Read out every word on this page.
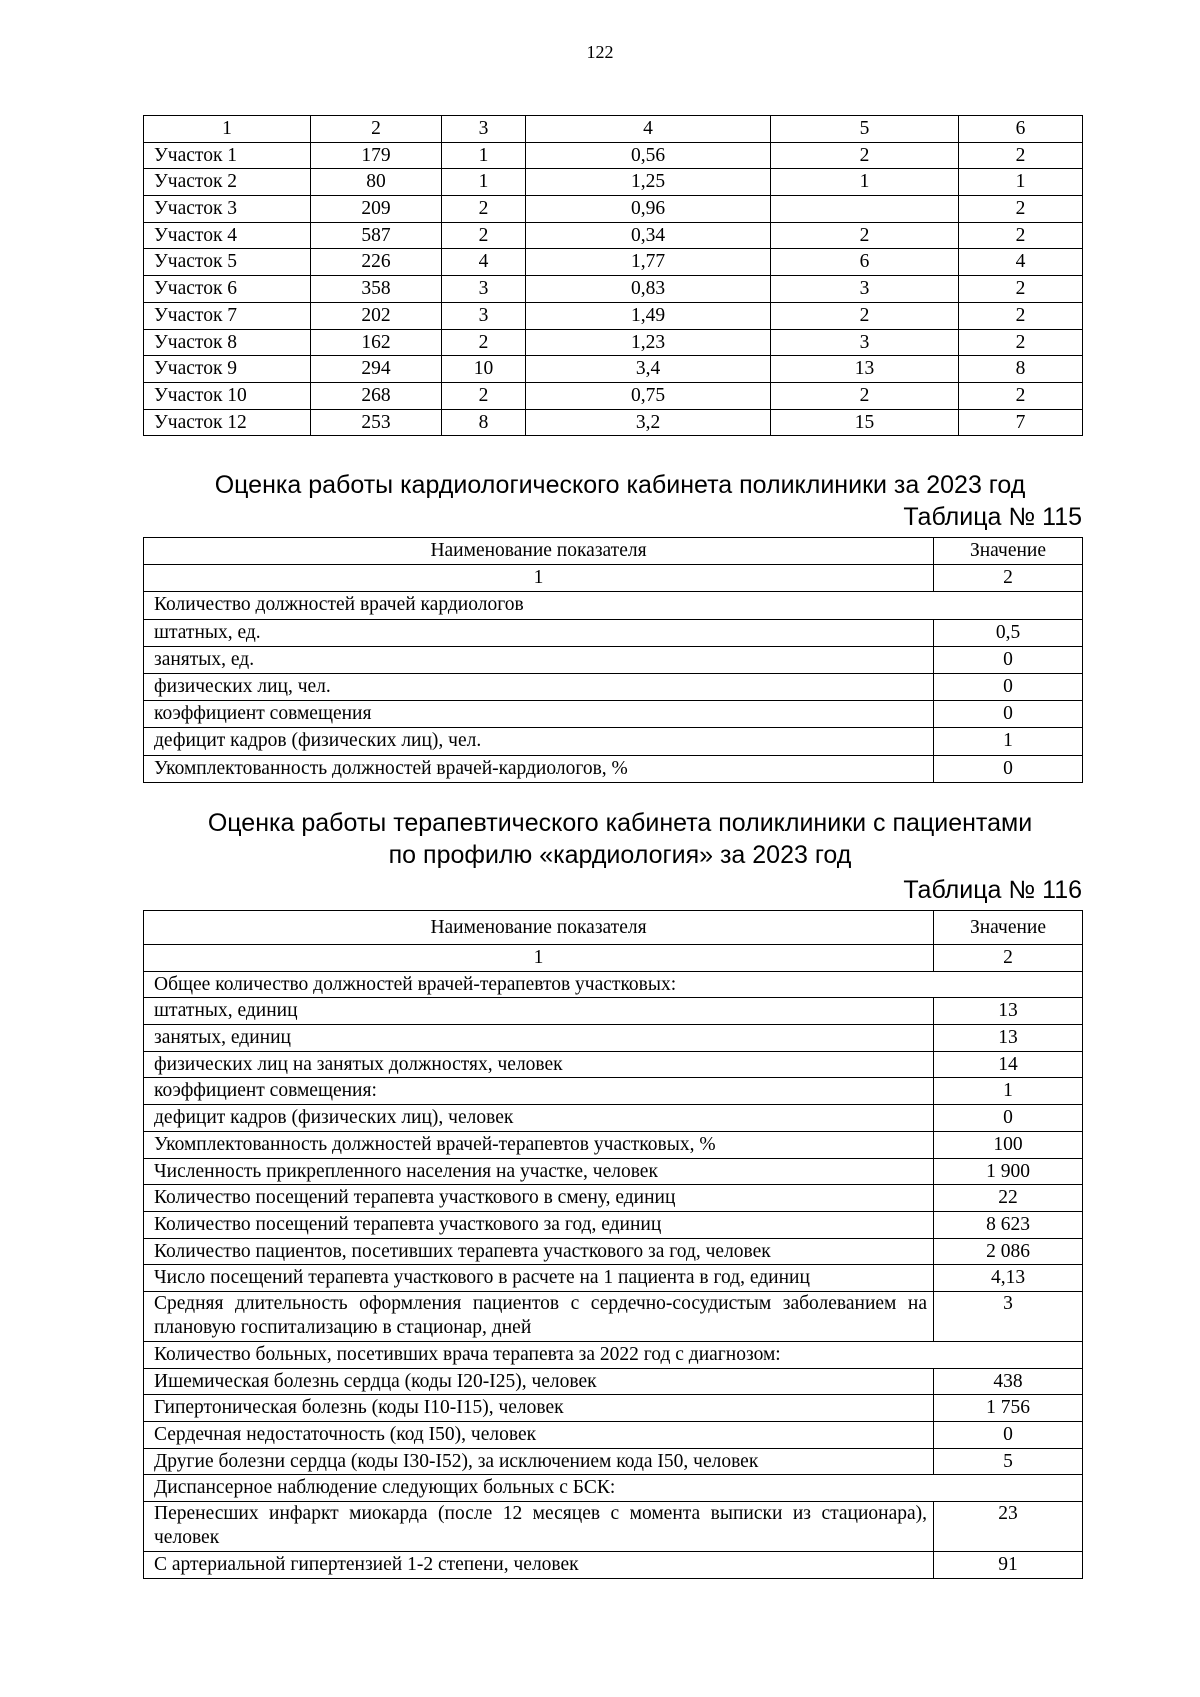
122
1	2	3	4	5	6
Участок 1	179	1	0,56	2	2
Участок 2	80	1	1,25	1	1
Участок 3	209	2	0,96		2
Участок 4	587	2	0,34	2	2
Участок 5	226	4	1,77	6	4
Участок 6	358	3	0,83	3	2
Участок 7	202	3	1,49	2	2
Участок 8	162	2	1,23	3	2
Участок 9	294	10	3,4	13	8
Участок 10	268	2	0,75	2	2
Участок 12	253	8	3,2	15	7
Оценка работы кардиологического кабинета поликлиники за 2023 год
Таблица № 115
Наименование показателя	Значение
1	2
Количество должностей врачей кардиологов	
штатных, ед.	0,5
занятых, ед.	0
физических лиц, чел.	0
коэффициент совмещения	0
дефицит кадров (физических лиц), чел.	1
Укомплектованность должностей врачей-кардиологов, %	0
Оценка работы терапевтического кабинета поликлиники с пациентами
по профилю «кардиология» за 2023 год
Таблица № 116
Наименование показателя	Значение
1	2
Общее количество должностей врачей-терапевтов участковых:	
штатных, единиц	13
занятых, единиц	13
физических лиц на занятых должностях, человек	14
коэффициент совмещения:	1
дефицит кадров (физических лиц), человек	0
Укомплектованность должностей врачей-терапевтов участковых, %	100
Численность прикрепленного населения на участке, человек	1 900
Количество посещений терапевта участкового в смену, единиц	22
Количество посещений терапевта участкового за год, единиц	8 623
Количество пациентов, посетивших терапевта участкового за год, человек	2 086
Число посещений терапевта участкового в расчете на 1 пациента в год, единиц	4,13
Средняя длительность оформления пациентов с сердечно-сосудистым заболеванием на плановую госпитализацию в стационар, дней	3
Количество больных, посетивших врача терапевта за 2022 год с диагнозом:	
Ишемическая болезнь сердца (коды I20-I25), человек	438
Гипертоническая болезнь (коды I10-I15), человек	1 756
Сердечная недостаточность (код I50), человек	0
Другие болезни сердца (коды I30-I52), за исключением кода I50, человек	5
Диспансерное наблюдение следующих больных с БСК:	
Перенесших инфаркт миокарда (после 12 месяцев с момента выписки из стационара), человек	23
С артериальной гипертензией 1-2 степени, человек	91
